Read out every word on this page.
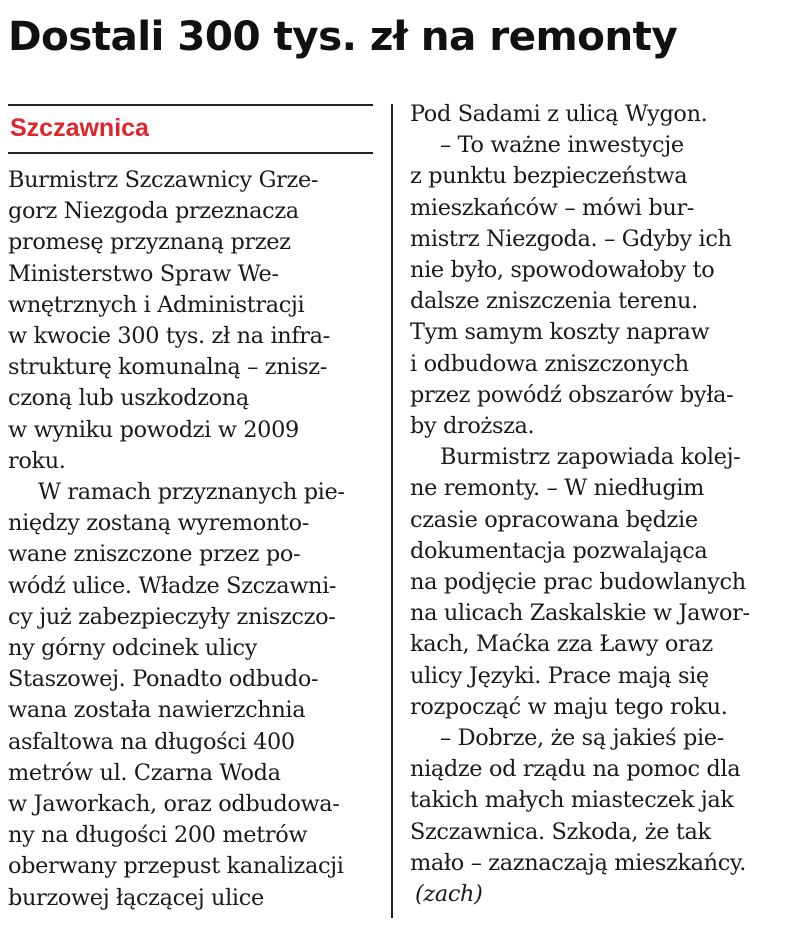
Dostali 300 tys. zł na remonty
Szczawnica
Burmistrz Szczawnicy Grze-
gorz Niezgoda przeznacza
promesę przyznaną przez
Ministerstwo Spraw We-
wnętrznych i Administracji
w kwocie 300 tys. zł na infra-
strukturę komunalną – znisz-
czoną lub uszkodzoną
w wyniku powodzi w 2009
roku.
W ramach przyznanych pie-
niędzy zostaną wyremonto-
wane zniszczone przez po-
wódź ulice. Władze Szczawni-
cy już zabezpieczyły zniszczo-
ny górny odcinek ulicy
Staszowej. Ponadto odbudo-
wana została nawierzchnia
asfaltowa na długości 400
metrów ul. Czarna Woda
w Jaworkach, oraz odbudowa-
ny na długości 200 metrów
oberwany przepust kanalizacji
burzowej łączącej ulice
Pod Sadami z ulicą Wygon.
– To ważne inwestycje
z punktu bezpieczeństwa
mieszkańców – mówi bur-
mistrz Niezgoda. – Gdyby ich
nie było, spowodowałoby to
dalsze zniszczenia terenu.
Tym samym koszty napraw
i odbudowa zniszczonych
przez powódź obszarów była-
by droższa.
Burmistrz zapowiada kolej-
ne remonty. – W niedługim
czasie opracowana będzie
dokumentacja pozwalająca
na podjęcie prac budowlanych
na ulicach Zaskalskie w Jawor-
kach, Maćka zza Ławy oraz
ulicy Języki. Prace mają się
rozpocząć w maju tego roku.
– Dobrze, że są jakieś pie-
niądze od rządu na pomoc dla
takich małych miasteczek jak
Szczawnica. Szkoda, że tak
mało – zaznaczają mieszkańcy.
(zach)
